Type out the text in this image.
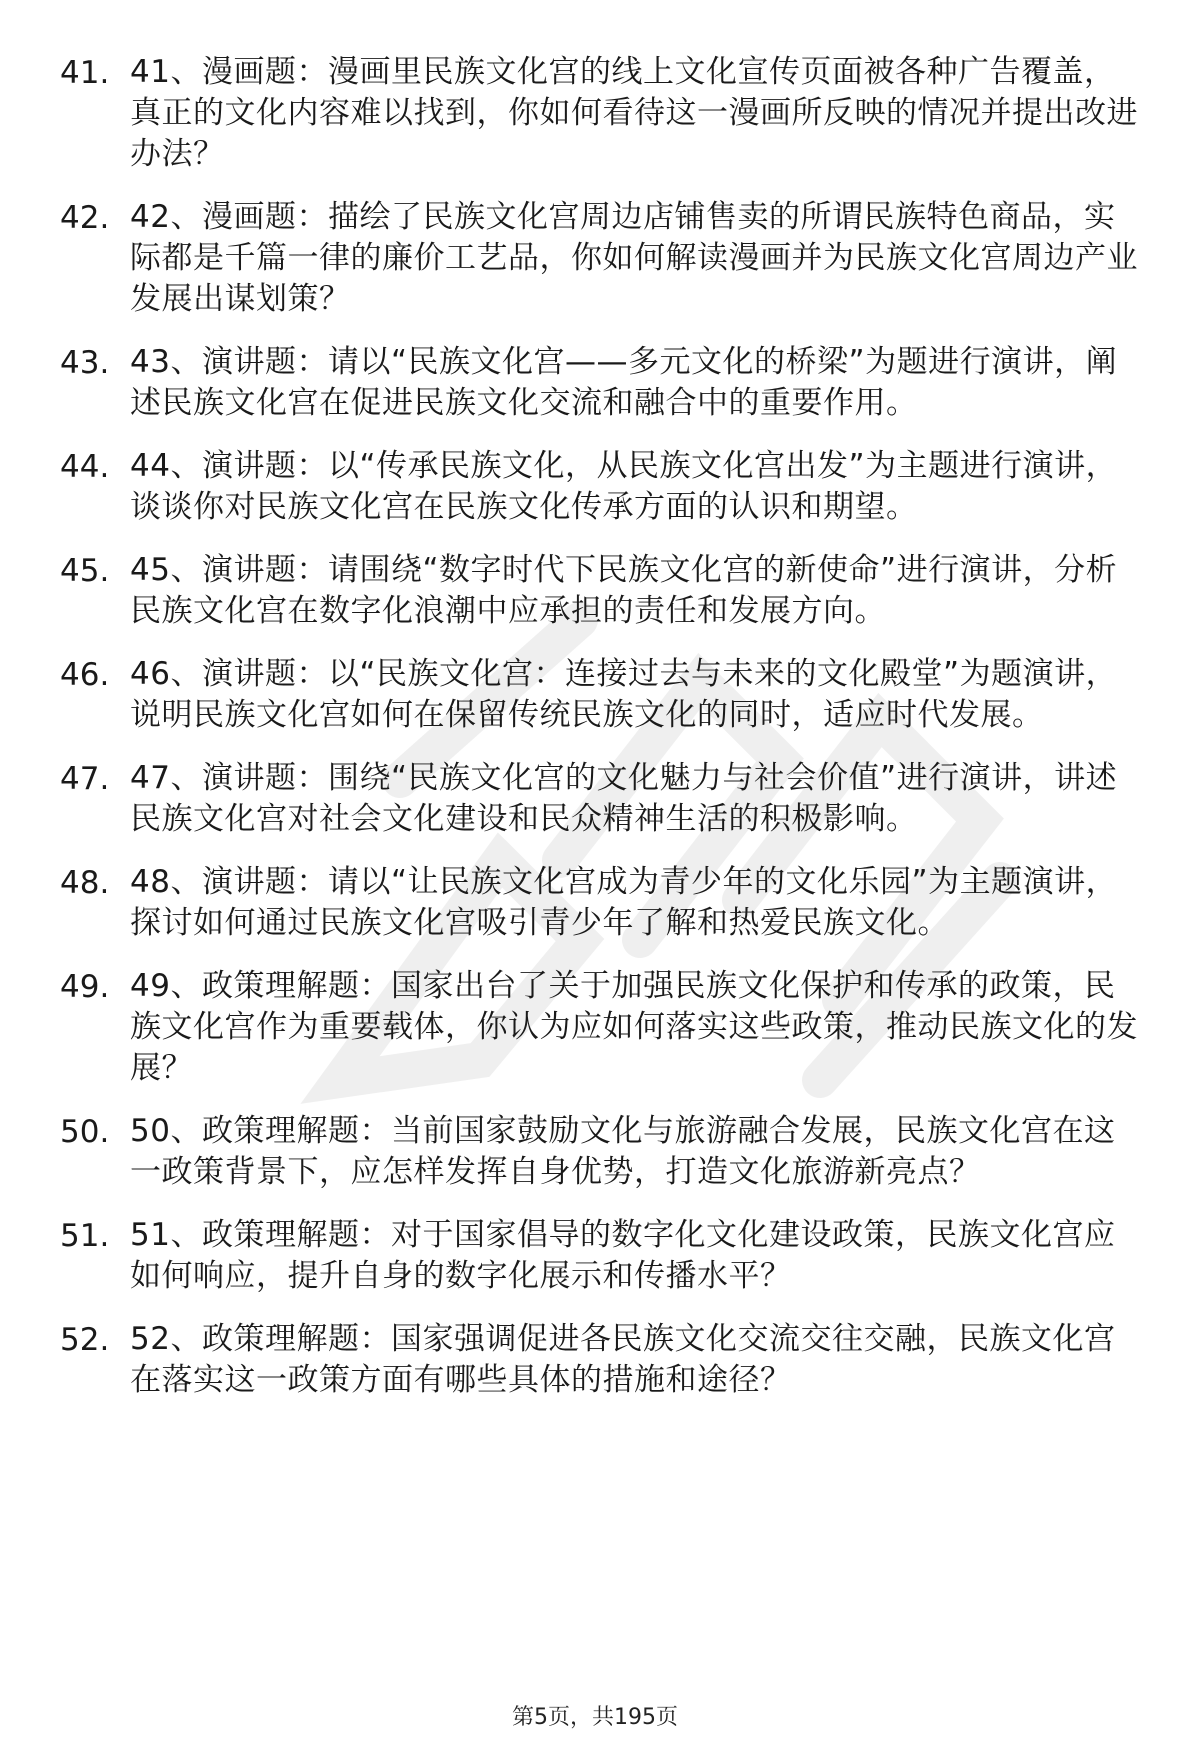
41. 41、漫画题：漫画里民族文化宫的线上文化宣传页面被各种广告覆盖，真正的文化内容难以找到，你如何看待这一漫画所反映的情况并提出改进办法？
42. 42、漫画题：描绘了民族文化宫周边店铺售卖的所谓民族特色商品，实际都是千篇一律的廉价工艺品，你如何解读漫画并为民族文化宫周边产业发展出谋划策？
43. 43、演讲题：请以“民族文化宫——多元文化的桥梁”为题进行演讲，阐述民族文化宫在促进民族文化交流和融合中的重要作用。
44. 44、演讲题：以“传承民族文化，从民族文化宫出发”为主题进行演讲，谈谈你对民族文化宫在民族文化传承方面的认识和期望。
45. 45、演讲题：请围绕“数字时代下民族文化宫的新使命”进行演讲，分析民族文化宫在数字化浪潮中应承担的责任和发展方向。
46. 46、演讲题：以“民族文化宫：连接过去与未来的文化殿堂”为题演讲，说明民族文化宫如何在保留传统民族文化的同时，适应时代发展。
47. 47、演讲题：围绕“民族文化宫的文化魅力与社会价值”进行演讲，讲述民族文化宫对社会文化建设和民众精神生活的积极影响。
48. 48、演讲题：请以“让民族文化宫成为青少年的文化乐园”为主题演讲，探讨如何通过民族文化宫吸引青少年了解和热爱民族文化。
49. 49、政策理解题：国家出台了关于加强民族文化保护和传承的政策，民族文化宫作为重要载体，你认为应如何落实这些政策，推动民族文化的发展？
50. 50、政策理解题：当前国家鼓励文化与旅游融合发展，民族文化宫在这一政策背景下，应怎样发挥自身优势，打造文化旅游新亮点？
51. 51、政策理解题：对于国家倡导的数字化文化建设政策，民族文化宫应如何响应，提升自身的数字化展示和传播水平？
52. 52、政策理解题：国家强调促进各民族文化交流交往交融，民族文化宫在落实这一政策方面有哪些具体的措施和途径？
第5页，共195页
